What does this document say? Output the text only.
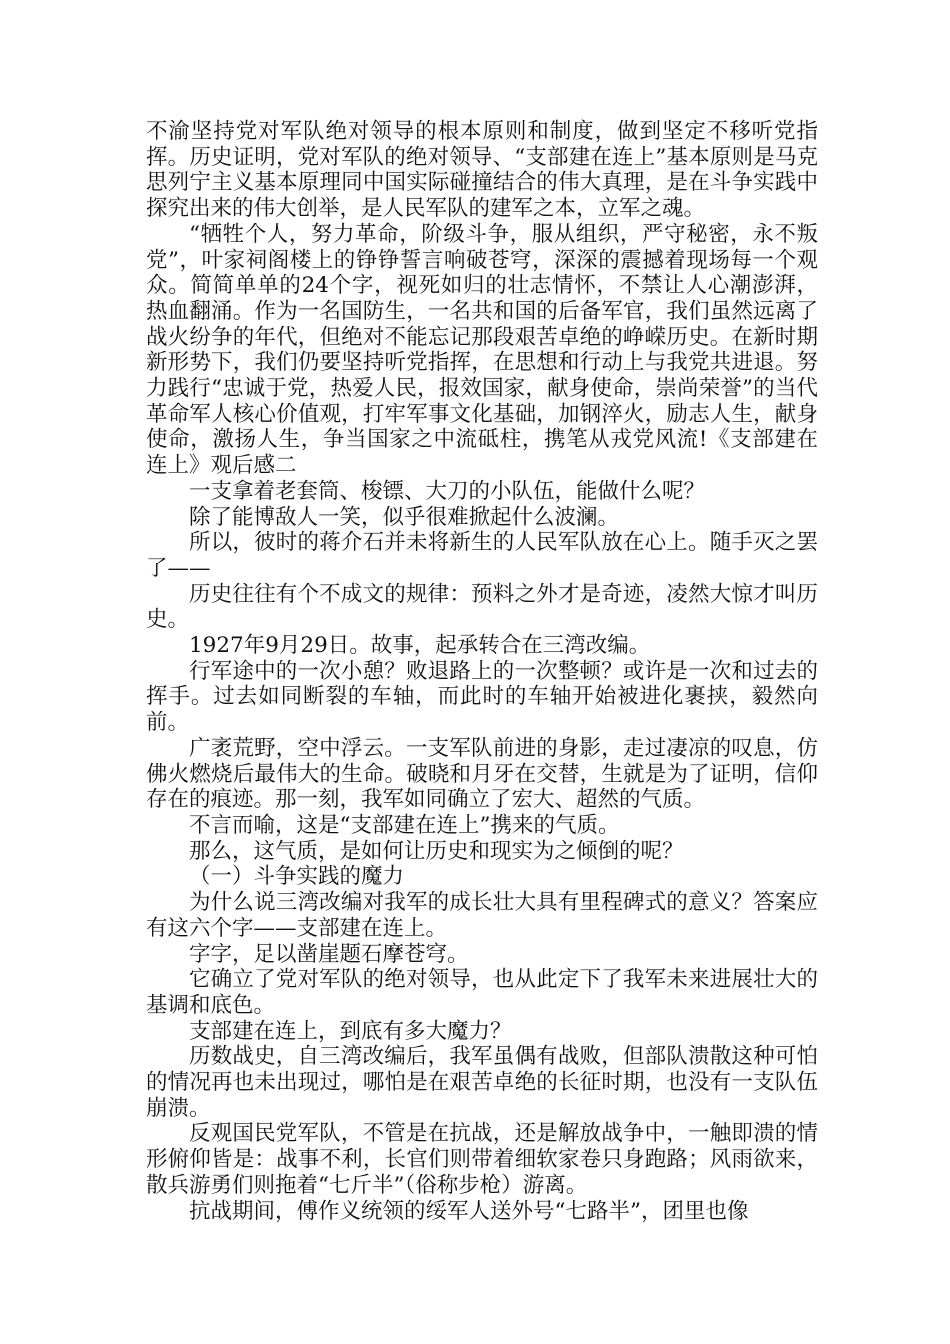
不渝坚持党对军队绝对领导的根本原则和制度，做到坚定不移听党指挥。历史证明，党对军队的绝对领导、“支部建在连上”基本原则是马克思列宁主义基本原理同中国实际碰撞结合的伟大真理，是在斗争实践中探究出来的伟大创举，是人民军队的建军之本，立军之魂。

“牺牲个人，努力革命，阶级斗争，服从组织，严守秘密，永不叛党”，叶家祠阁楼上的铮铮誓言响破苍穹，深深的震撼着现场每一个观众。简简单单的24个字，视死如归的壮志情怀，不禁让人心潮澎湃，热血翻涌。作为一名国防生，一名共和国的后备军官，我们虽然远离了战火纷争的年代，但绝对不能忘记那段艰苦卓绝的峥嵘历史。在新时期新形势下，我们仍要坚持听党指挥，在思想和行动上与我党共进退。努力践行“忠诚于党，热爱人民，报效国家，献身使命，崇尚荣誉”的当代革命军人核心价值观，打牢军事文化基础，加钢淬火，励志人生，献身使命，激扬人生，争当国家之中流砥柱，携笔从戎党风流!《支部建在连上》观后感二

一支拿着老套筒、梭镖、大刀的小队伍，能做什么呢？

除了能博敌人一笑，似乎很难掀起什么波澜。

所以，彼时的蒋介石并未将新生的人民军队放在心上。随手灭之罢了——

历史往往有个不成文的规律：预料之外才是奇迹，凌然大惊才叫历史。

1927年9月29日。故事，起承转合在三湾改编。

行军途中的一次小憩？败退路上的一次整顿？或许是一次和过去的挥手。过去如同断裂的车轴，而此时的车轴开始被进化裹挟，毅然向前。

广袤荒野，空中浮云。一支军队前进的身影，走过凄凉的叹息，仿佛火燃烧后最伟大的生命。破晓和月牙在交替，生就是为了证明，信仰存在的痕迹。那一刻，我军如同确立了宏大、超然的气质。

不言而喻，这是“支部建在连上”携来的气质。

那么，这气质，是如何让历史和现实为之倾倒的呢？

（一）斗争实践的魔力

为什么说三湾改编对我军的成长壮大具有里程碑式的意义？答案应有这六个字——支部建在连上。

字字，足以凿崖题石摩苍穹。

它确立了党对军队的绝对领导，也从此定下了我军未来进展壮大的基调和底色。

支部建在连上，到底有多大魔力？

历数战史，自三湾改编后，我军虽偶有战败，但部队溃散这种可怕的情况再也未出现过，哪怕是在艰苦卓绝的长征时期，也没有一支队伍崩溃。

反观国民党军队，不管是在抗战，还是解放战争中，一触即溃的情形俯仰皆是：战事不利，长官们则带着细软家卷只身跑路；风雨欲来，散兵游勇们则拖着“七斤半”（俗称步枪）游离。

抗战期间，傅作义统领的绥军人送外号“七路半”，团里也像
